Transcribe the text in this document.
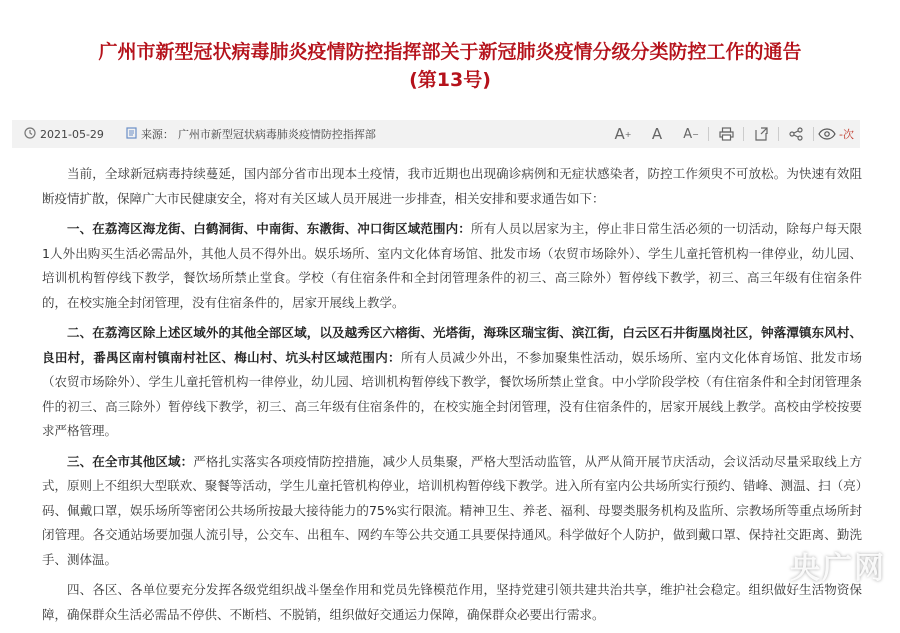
广州市新型冠状病毒肺炎疫情防控指挥部关于新冠肺炎疫情分级分类防控工作的通告
(第13号)
2021-05-29	来源： 广州市新型冠状病毒肺炎疫情防控指挥部	A + A A −	-次

当前，全球新冠病毒持续蔓延，国内部分省市出现本土疫情，我市近期也出现确诊病例和无症状感染者，防控工作须臾不可放松。为快速有效阻断疫情扩散，保障广大市民健康安全，将对有关区域人员开展进一步排查，相关安排和要求通告如下：

一、在荔湾区海龙街、白鹤洞街、中南街、东漖街、冲口街区域范围内：所有人员以居家为主，停止非日常生活必须的一切活动，除每户每天限1人外出购买生活必需品外，其他人员不得外出。娱乐场所、室内文化体育场馆、批发市场（农贸市场除外）、学生儿童托管机构一律停业，幼儿园、培训机构暂停线下教学，餐饮场所禁止堂食。学校（有住宿条件和全封闭管理条件的初三、高三除外）暂停线下教学，初三、高三年级有住宿条件的，在校实施全封闭管理，没有住宿条件的，居家开展线上教学。

二、在荔湾区除上述区域外的其他全部区域，以及越秀区六榕街、光塔街，海珠区瑞宝街、滨江街，白云区石井街凰岗社区，钟落潭镇东风村、良田村，番禺区南村镇南村社区、梅山村、坑头村区域范围内：所有人员减少外出，不参加聚集性活动，娱乐场所、室内文化体育场馆、批发市场（农贸市场除外）、学生儿童托管机构一律停业，幼儿园、培训机构暂停线下教学，餐饮场所禁止堂食。中小学阶段学校（有住宿条件和全封闭管理条件的初三、高三除外）暂停线下教学，初三、高三年级有住宿条件的，在校实施全封闭管理，没有住宿条件的，居家开展线上教学。高校由学校按要求严格管理。

三、在全市其他区域：严格扎实落实各项疫情防控措施，减少人员集聚，严格大型活动监管，从严从简开展节庆活动，会议活动尽量采取线上方式，原则上不组织大型联欢、聚餐等活动，学生儿童托管机构停业，培训机构暂停线下教学。进入所有室内公共场所实行预约、错峰、测温、扫（亮）码、佩戴口罩，娱乐场所等密闭公共场所按最大接待能力的75%实行限流。精神卫生、养老、福利、母婴类服务机构及监所、宗教场所等重点场所封闭管理。各交通站场要加强人流引导，公交车、出租车、网约车等公共交通工具要保持通风。科学做好个人防护，做到戴口罩、保持社交距离、勤洗手、测体温。

四、各区、各单位要充分发挥各级党组织战斗堡垒作用和党员先锋模范作用，坚持党建引领共建共治共享，维护社会稳定。组织做好生活物资保障，确保群众生活必需品不停供、不断档、不脱销，组织做好交通运力保障，确保群众必要出行需求。

央广网
